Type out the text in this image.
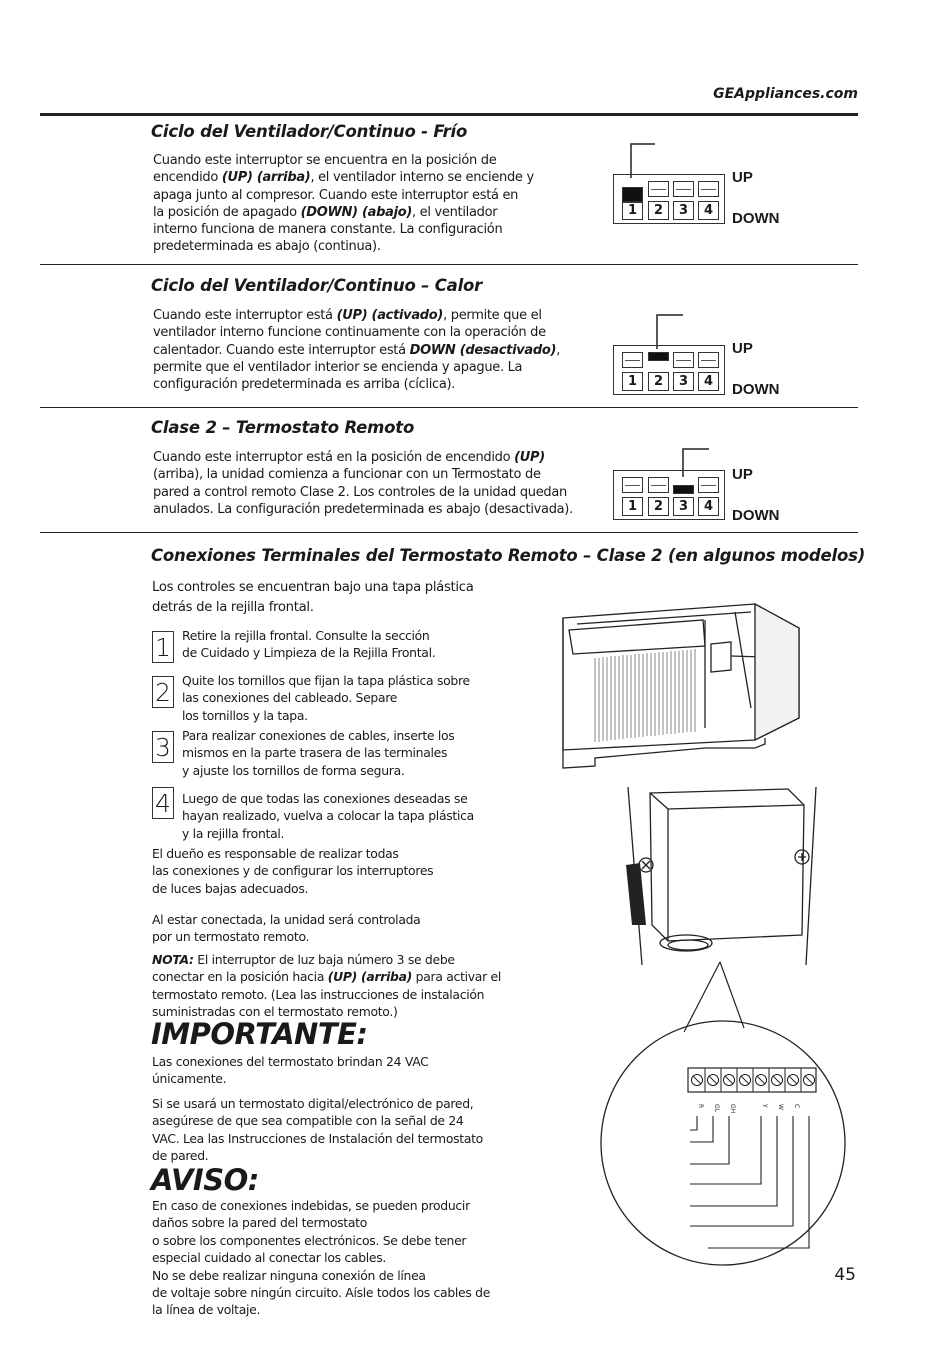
GEAppliances.com
Ciclo del Ventilador/Continuo - Frío
Cuando este interruptor se encuentra en la posición de
encendido (UP) (arriba), el ventilador interno se enciende y
apaga junto al compresor. Cuando este interruptor está en
la posición de apagado (DOWN) (abajo), el ventilador
interno funciona de manera constante. La configuración
predeterminada es abajo (continua).
Ciclo del Ventilador/Continuo – Calor
Cuando este interruptor está (UP) (activado), permite que el
ventilador interno funcione continuamente con la operación de
calentador. Cuando este interruptor está DOWN (desactivado),
permite que el ventilador interior se encienda y apague. La
configuración predeterminada es arriba (cíclica).
Clase 2 – Termostato Remoto
Cuando este interruptor está en la posición de encendido (UP)
(arriba), la unidad comienza a funcionar con un Termostato de
pared a control remoto Clase 2. Los controles de la unidad quedan
anulados. La configuración predeterminada es abajo (desactivada).
1	2	3	4
UP
DOWN
1	2	3	4
UP
DOWN
1	2	3	4
UP
DOWN
Conexiones Terminales del Termostato Remoto – Clase 2 (en algunos modelos)
Los controles se encuentran bajo una tapa plástica
detrás de la rejilla frontal.
1 Retire la rejilla frontal. Consulte la sección
de Cuidado y Limpieza de la Rejilla Frontal.
2 Quite los tornillos que fijan la tapa plástica sobre
las conexiones del cableado. Separe
los tornillos y la tapa.
3 Para realizar conexiones de cables, inserte los
mismos en la parte trasera de las terminales
y ajuste los tornillos de forma segura.
4 Luego de que todas las conexiones deseadas se
hayan realizado, vuelva a colocar la tapa plástica
y la rejilla frontal.
El dueño es responsable de realizar todas
las conexiones y de configurar los interruptores
de luces bajas adecuados.
Al estar conectada, la unidad será controlada
por un termostato remoto.
NOTA: El interruptor de luz baja número 3 se debe
conectar en la posición hacia (UP) (arriba) para activar el
termostato remoto. (Lea las instrucciones de instalación
suministradas con el termostato remoto.)
IMPORTANTE:
Las conexiones del termostato brindan 24 VAC
únicamente.
Si se usará un termostato digital/electrónico de pared,
asegúrese de que sea compatible con la señal de 24
VAC. Lea las Instrucciones de Instalación del termostato
de pared.
AVISO:
En caso de conexiones indebidas, se pueden producir
daños sobre la pared del termostato
o sobre los componentes electrónicos. Se debe tener
especial cuidado al conectar los cables.
No se debe realizar ninguna conexión de línea
de voltaje sobre ningún circuito. Aísle todos los cables de
la línea de voltaje.
R GL GH	Y W C
45
